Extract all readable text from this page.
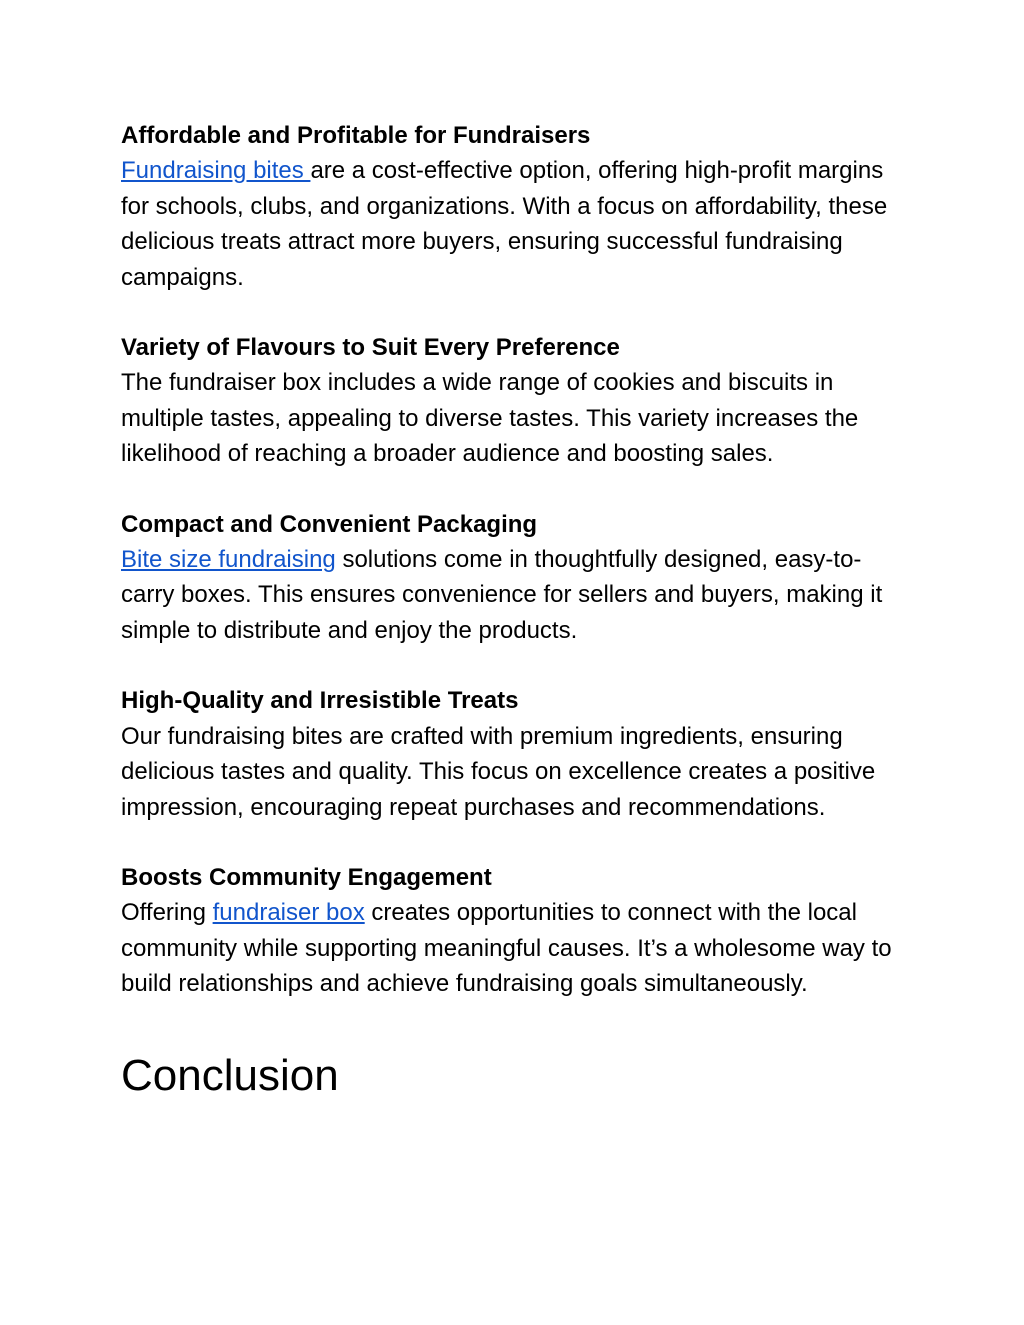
Affordable and Profitable for Fundraisers

Fundraising bites are a cost-effective option, offering high-profit margins for schools, clubs, and organizations. With a focus on affordability, these delicious treats attract more buyers, ensuring successful fundraising campaigns.

Variety of Flavours to Suit Every Preference

The fundraiser box includes a wide range of cookies and biscuits in multiple tastes, appealing to diverse tastes. This variety increases the likelihood of reaching a broader audience and boosting sales.

Compact and Convenient Packaging

Bite size fundraising solutions come in thoughtfully designed, easy-to-carry boxes. This ensures convenience for sellers and buyers, making it simple to distribute and enjoy the products.

High-Quality and Irresistible Treats

Our fundraising bites are crafted with premium ingredients, ensuring delicious tastes and quality. This focus on excellence creates a positive impression, encouraging repeat purchases and recommendations.

Boosts Community Engagement

Offering fundraiser box creates opportunities to connect with the local community while supporting meaningful causes. It’s a wholesome way to build relationships and achieve fundraising goals simultaneously.

Conclusion
